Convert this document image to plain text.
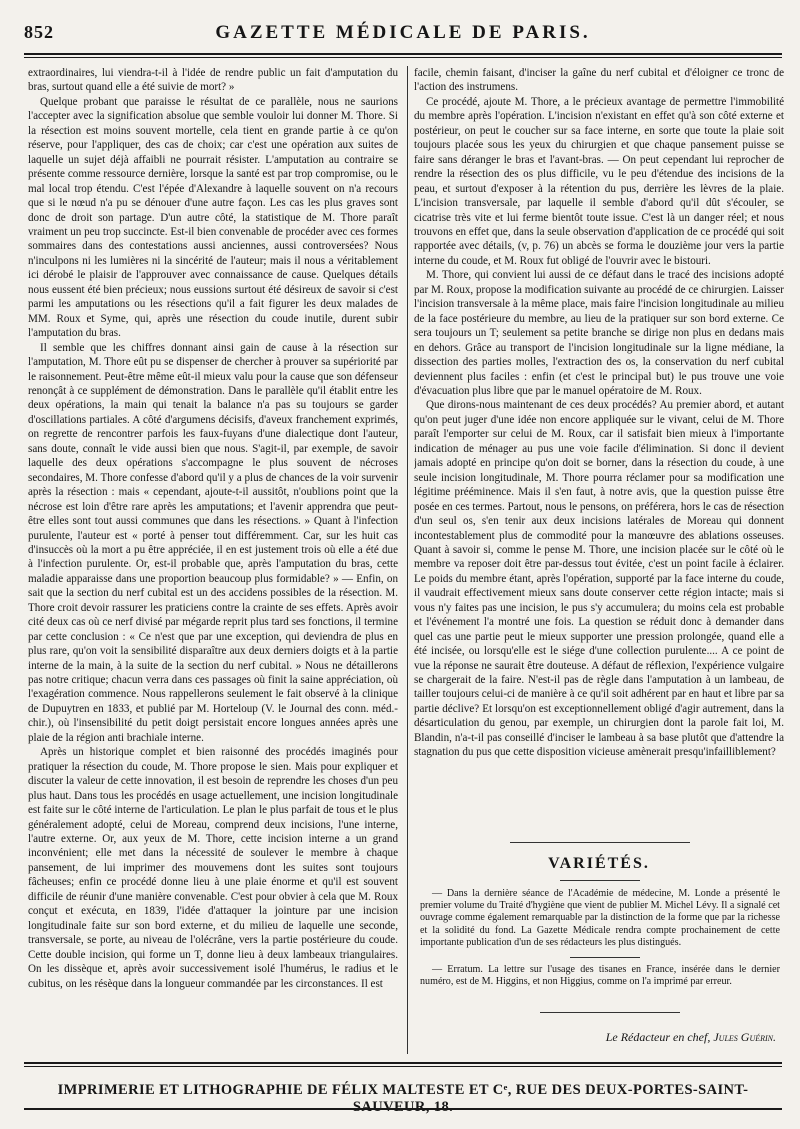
GAZETTE MÉDICALE DE PARIS.
852

extraordinaires, lui viendra-t-il à l'idée de rendre public un fait d'amputation du bras, surtout quand elle a été suivie de mort? »

Quelque probant que paraisse le résultat de ce parallèle, nous ne saurions l'accepter avec la signification absolue que semble vouloir lui donner M. Thore. Si la résection est moins souvent mortelle, cela tient en grande partie à ce qu'on réserve, pour l'appliquer, des cas de choix; car c'est une opération aux suites de laquelle un sujet déjà affaibli ne pourrait résister. L'amputation au contraire se présente comme ressource dernière, lorsque la santé est par trop compromise, ou le mal local trop étendu. C'est l'épée d'Alexandre à laquelle souvent on n'a recours que si le nœud n'a pu se dénouer d'une autre façon. Les cas les plus graves sont donc de droit son partage. D'un autre côté, la statistique de M. Thore paraît vraiment un peu trop succincte. Est-il bien convenable de procéder avec ces formes sommaires dans des contestations aussi anciennes, aussi controversées? Nous n'inculpons ni les lumières ni la sincérité de l'auteur; mais il nous a véritablement ici dérobé le plaisir de l'approuver avec connaissance de cause. Quelques détails nous eussent été bien précieux; nous eussions surtout été désireux de savoir si c'est parmi les amputations ou les résections qu'il a fait figurer les deux malades de MM. Roux et Syme, qui, après une résection du coude inutile, durent subir l'amputation du bras.

Il semble que les chiffres donnant ainsi gain de cause à la résection sur l'amputation, M. Thore eût pu se dispenser de chercher à prouver sa supériorité par le raisonnement. Peut-être même eût-il mieux valu pour la cause que son défenseur renonçât à ce supplément de démonstration. Dans le parallèle qu'il établit entre les deux opérations, la main qui tenait la balance n'a pas su toujours se garder d'oscillations partiales. A côté d'argumens décisifs, d'aveux franchement exprimés, on regrette de rencontrer parfois les faux-fuyans d'une dialectique dont l'auteur, sans doute, connaît le vide aussi bien que nous. S'agit-il, par exemple, de savoir laquelle des deux opérations s'accompagne le plus souvent de nécroses secondaires, M. Thore confesse d'abord qu'il y a plus de chances de la voir survenir après la résection : mais « cependant, ajoute-t-il aussitôt, n'oublions point que la nécrose est loin d'être rare après les amputations; et l'avenir apprendra que peut-être elles sont tout aussi communes que dans les résections. » Quant à l'infection purulente, l'auteur est « porté à penser tout différemment. Car, sur les huit cas d'insuccès où la mort a pu être appréciée, il en est justement trois où elle a été due à l'infection purulente. Or, est-il probable que, après l'amputation du bras, cette maladie apparaisse dans une proportion beaucoup plus formidable? » — Enfin, on sait que la section du nerf cubital est un des accidens possibles de la résection. M. Thore croit devoir rassurer les praticiens contre la crainte de ses effets. Après avoir cité deux cas où ce nerf divisé par mégarde reprit plus tard ses fonctions, il termine par cette conclusion : « Ce n'est que par une exception, qui deviendra de plus en plus rare, qu'on voit la sensibilité disparaître aux deux derniers doigts et à la partie interne de la main, à la suite de la section du nerf cubital. » Nous ne détaillerons pas notre critique; chacun verra dans ces passages où finit la saine appréciation, où l'exagération commence. Nous rappellerons seulement le fait observé à la clinique de Dupuytren en 1833, et publié par M. Horteloup (V. le Journal des conn. méd.-chir.), où l'insensibilité du petit doigt persistait encore longues années après une plaie de la région anti brachiale interne.

Après un historique complet et bien raisonné des procédés imaginés pour pratiquer la résection du coude, M. Thore propose le sien. Mais pour expliquer et discuter la valeur de cette innovation, il est besoin de reprendre les choses d'un peu plus haut. Dans tous les procédés en usage actuellement, une incision longitudinale est faite sur le côté interne de l'articulation. Le plan le plus parfait de tous et le plus généralement adopté, celui de Moreau, comprend deux incisions, l'une interne, l'autre externe. Or, aux yeux de M. Thore, cette incision interne a un grand inconvénient; elle met dans la nécessité de soulever le membre à chaque pansement, de lui imprimer des mouvemens dont les suites sont toujours fâcheuses; enfin ce procédé donne lieu à une plaie énorme et qu'il est souvent difficile de réunir d'une manière convenable. C'est pour obvier à cela que M. Roux conçut et exécuta, en 1839, l'idée d'attaquer la jointure par une incision longitudinale faite sur son bord externe, et du milieu de laquelle une seconde, transversale, se porte, au niveau de l'olécrâne, vers la partie postérieure du coude. Cette double incision, qui forme un T, donne lieu à deux lambeaux triangulaires. On les dissèque et, après avoir successivement isolé l'humérus, le radius et le cubitus, on les résèque dans la longueur commandée par les circonstances. Il est

facile, chemin faisant, d'inciser la gaîne du nerf cubital et d'éloigner ce tronc de l'action des instrumens.

Ce procédé, ajoute M. Thore, a le précieux avantage de permettre l'immobilité du membre après l'opération. L'incision n'existant en effet qu'à son côté externe et postérieur, on peut le coucher sur sa face interne, en sorte que toute la plaie soit toujours placée sous les yeux du chirurgien et que chaque pansement puisse se faire sans déranger le bras et l'avant-bras. — On peut cependant lui reprocher de rendre la résection des os plus difficile, vu le peu d'étendue des incisions de la peau, et surtout d'exposer à la rétention du pus, derrière les lèvres de la plaie. L'incision transversale, par laquelle il semble d'abord qu'il dût s'écouler, se cicatrise très vite et lui ferme bientôt toute issue. C'est là un danger réel; et nous trouvons en effet que, dans la seule observation d'application de ce procédé qui soit rapportée avec détails, (v, p. 76) un abcès se forma le douzième jour vers la partie interne du coude, et M. Roux fut obligé de l'ouvrir avec le bistouri.

M. Thore, qui convient lui aussi de ce défaut dans le tracé des incisions adopté par M. Roux, propose la modification suivante au procédé de ce chirurgien. Laisser l'incision transversale à la même place, mais faire l'incision longitudinale au milieu de la face postérieure du membre, au lieu de la pratiquer sur son bord externe. Ce sera toujours un T; seulement sa petite branche se dirige non plus en dedans mais en dehors. Grâce au transport de l'incision longitudinale sur la ligne médiane, la dissection des parties molles, l'extraction des os, la conservation du nerf cubital deviennent plus faciles : enfin (et c'est le principal but) le pus trouve une voie d'évacuation plus libre que par le manuel opératoire de M. Roux.

Que dirons-nous maintenant de ces deux procédés? Au premier abord, et autant qu'on peut juger d'une idée non encore appliquée sur le vivant, celui de M. Thore paraît l'emporter sur celui de M. Roux, car il satisfait bien mieux à l'importante indication de ménager au pus une voie facile d'élimination. Si donc il devient jamais adopté en principe qu'on doit se borner, dans la résection du coude, à une seule incision longitudinale, M. Thore pourra réclamer pour sa modification une légitime prééminence. Mais il s'en faut, à notre avis, que la question puisse être posée en ces termes. Partout, nous le pensons, on préférera, hors le cas de résection d'un seul os, s'en tenir aux deux incisions latérales de Moreau qui donnent incontestablement plus de commodité pour la manœuvre des ablations osseuses. Quant à savoir si, comme le pense M. Thore, une incision placée sur le côté où le membre va reposer doit être par-dessus tout évitée, c'est un point facile à éclairer. Le poids du membre étant, après l'opération, supporté par la face interne du coude, il vaudrait effectivement mieux sans doute conserver cette région intacte; mais si vous n'y faites pas une incision, le pus s'y accumulera; du moins cela est probable et l'événement l'a montré une fois. La question se réduit donc à demander dans quel cas une partie peut le mieux supporter une pression prolongée, quand elle a été incisée, ou lorsqu'elle est le siége d'une collection purulente.... A ce point de vue la réponse ne saurait être douteuse. A défaut de réflexion, l'expérience vulgaire se chargerait de la faire. N'est-il pas de règle dans l'amputation à un lambeau, de tailler toujours celui-ci de manière à ce qu'il soit adhérent par en haut et libre par sa partie déclive? Et lorsqu'on est exceptionnellement obligé d'agir autrement, dans la désarticulation du genou, par exemple, un chirurgien dont la parole fait loi, M. Blandin, n'a-t-il pas conseillé d'inciser le lambeau à sa base plutôt que d'attendre la stagnation du pus que cette disposition vicieuse amènerait presqu'infailliblement?

VARIÉTÉS.

— Dans la dernière séance de l'Académie de médecine, M. Londe a présenté le premier volume du Traité d'hygiène que vient de publier M. Michel Lévy. Il a signalé cet ouvrage comme également remarquable par la distinction de la forme que par la richesse et la solidité du fond. La Gazette Médicale rendra compte prochainement de cette importante publication d'un de ses rédacteurs les plus distingués.

— Erratum. La lettre sur l'usage des tisanes en France, insérée dans le dernier numéro, est de M. Higgins, et non Higgius, comme on l'a imprimé par erreur.

Le Rédacteur en chef, Jules Guérin.
IMPRIMERIE ET LITHOGRAPHIE DE FÉLIX MALTESTE ET Cᵉ, RUE DES DEUX-PORTES-SAINT-SAUVEUR, 18.
